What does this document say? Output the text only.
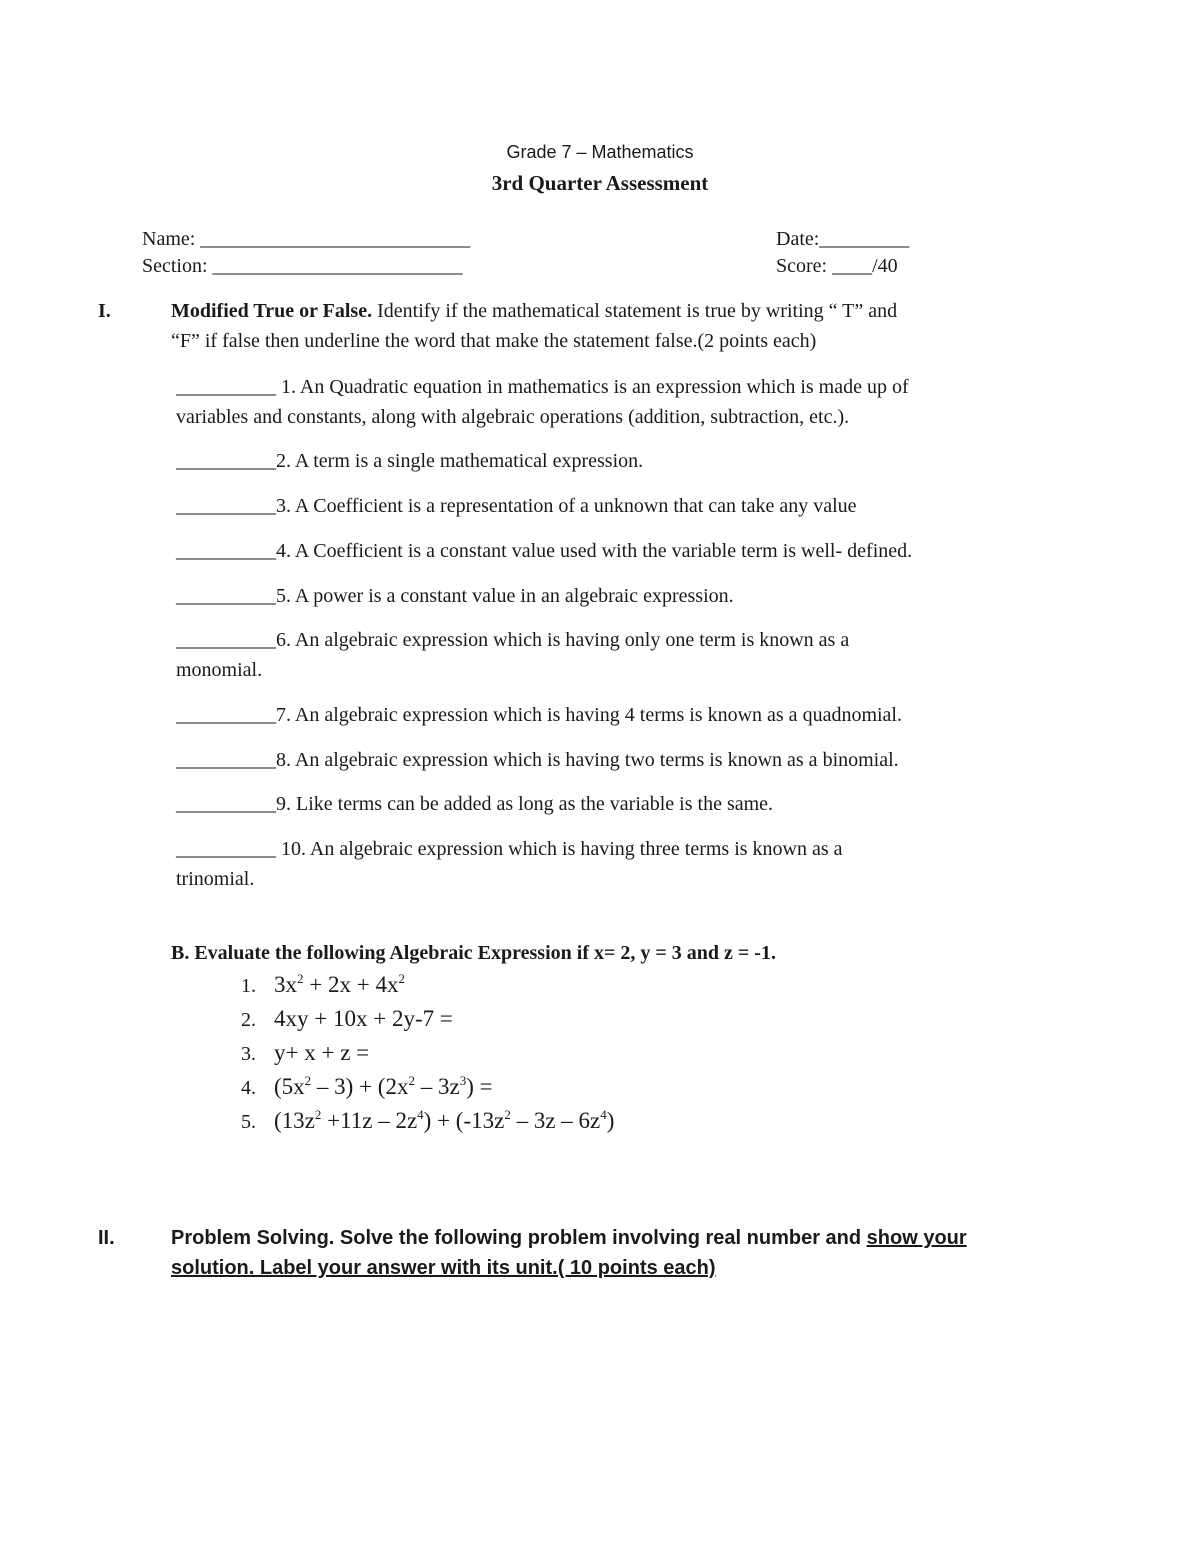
Grade 7 – Mathematics
3rd Quarter Assessment
Name: ___________________________	Date:_________
Section: _________________________	Score: ____/40
I.	Modified True or False. Identify if the mathematical statement is true by writing “ T” and
“F” if false then underline the word that make the statement false.(2 points each)
__________ 1. An Quadratic equation in mathematics is an expression which is made up of
variables and constants, along with algebraic operations (addition, subtraction, etc.).
__________2. A term is a single mathematical expression.
__________3. A Coefficient is a representation of a unknown that can take any value
__________4. A Coefficient is a constant value used with the variable term is well- defined.
__________5. A power is a constant value in an algebraic expression.
__________6. An algebraic expression which is having only one term is known as a
monomial.
__________7. An algebraic expression which is having 4 terms is known as a quadnomial.
__________8. An algebraic expression which is having two terms is known as a binomial.
__________9. Like terms can be added as long as the variable is the same.
__________ 10. An algebraic expression which is having three terms is known as a
trinomial.
B. Evaluate the following Algebraic Expression if x= 2, y = 3 and z = -1.
1. $3x^2 + 2x + 4x^2$
2. 4xy + 10x + 2y-7 =
3. y+ x + z =
4. $(5x^2 - 3) + (2x^2 - 3z^3)$ =
5. $(13z^2 +11z - 2z^4) + (-13z^2 - 3z - 6z^4)$
II.	Problem Solving. Solve the following problem involving real number and show your
solution. Label your answer with its unit.( 10 points each)
